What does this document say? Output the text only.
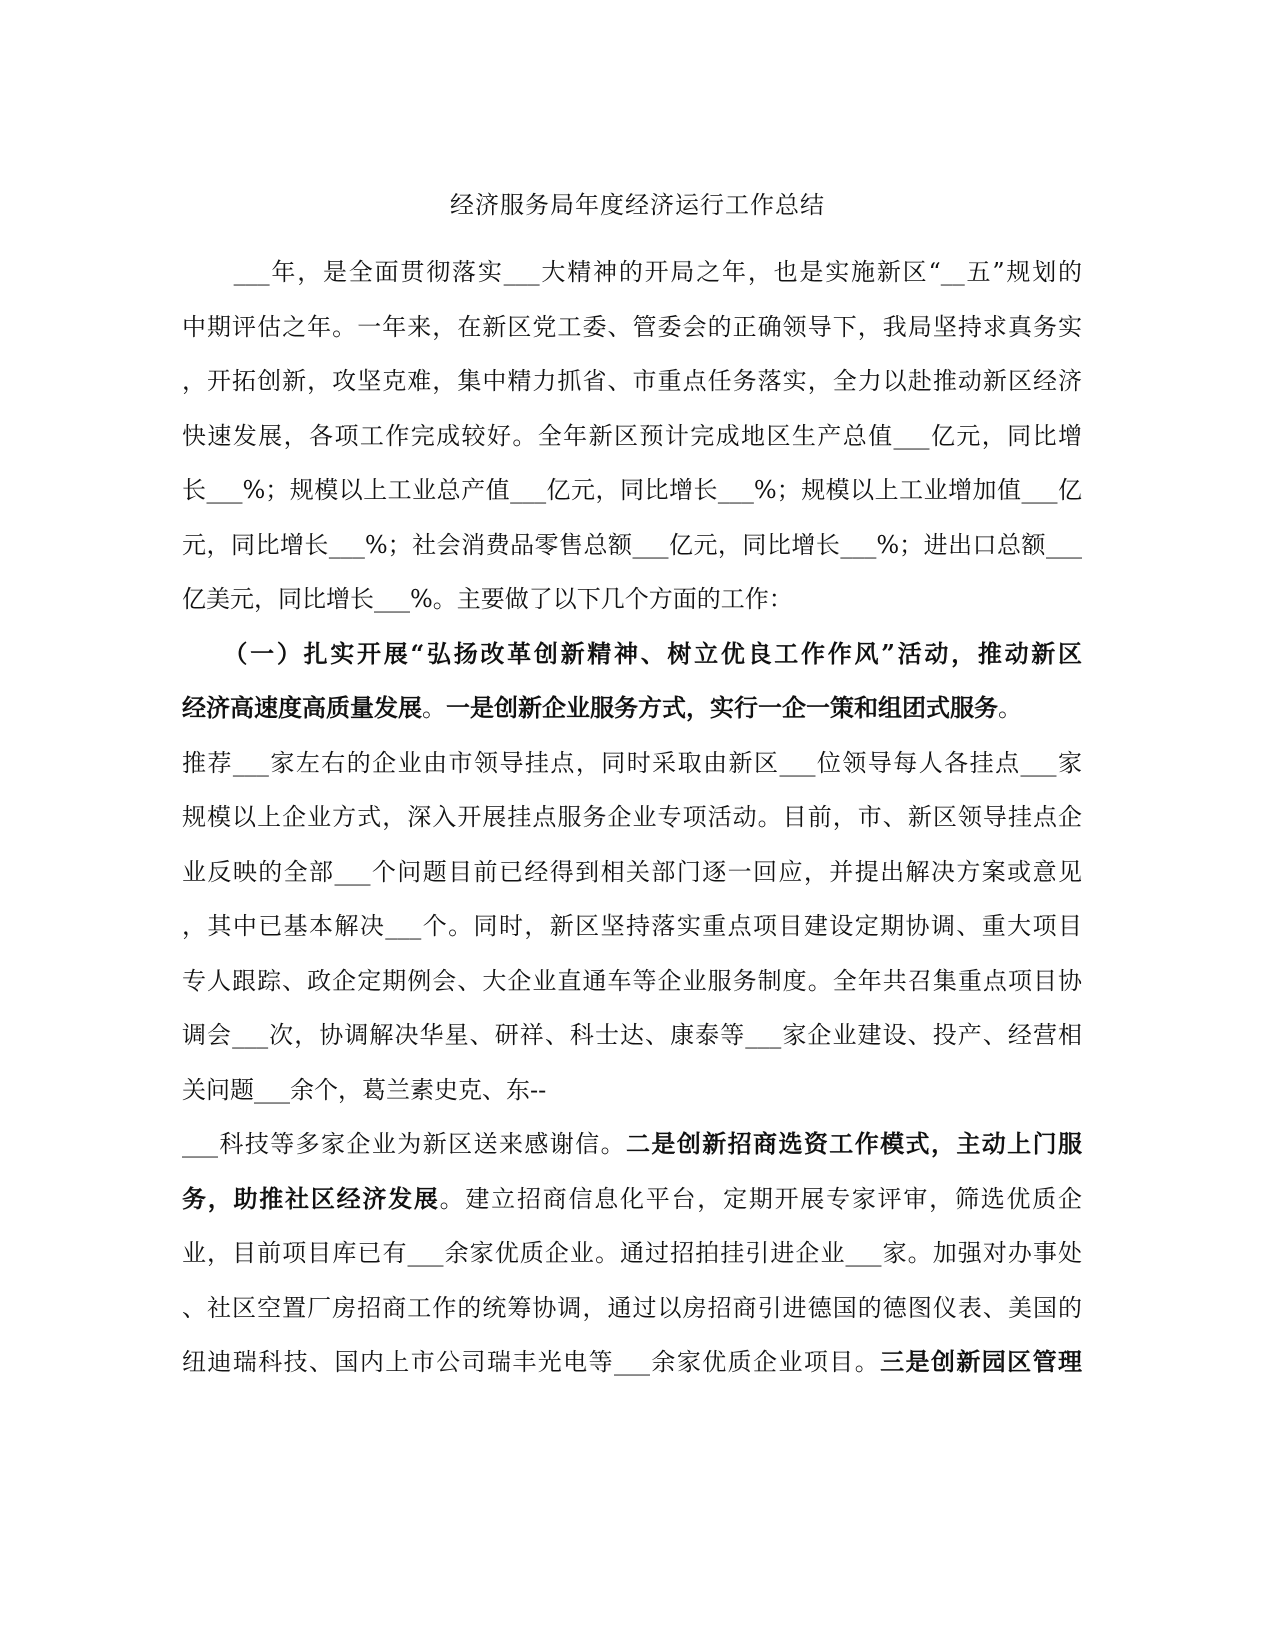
经济服务局年度经济运行工作总结
　　___年，是全面贯彻落实___大精神的开局之年，也是实施新区“__五”规划的
中期评估之年。一年来，在新区党工委、管委会的正确领导下，我局坚持求真务实
，开拓创新，攻坚克难，集中精力抓省、市重点任务落实，全力以赴推动新区经济
快速发展，各项工作完成较好。全年新区预计完成地区生产总值___亿元，同比增
长___%；规模以上工业总产值___亿元，同比增长___%；规模以上工业增加值___亿
元，同比增长___%；社会消费品零售总额___亿元，同比增长___%；进出口总额___
亿美元，同比增长___%。主要做了以下几个方面的工作：
　　（一）扎实开展“弘扬改革创新精神、树立优良工作作风”活动，推动新区
经济高速度高质量发展。一是创新企业服务方式，实行一企一策和组团式服务。
推荐___家左右的企业由市领导挂点，同时采取由新区___位领导每人各挂点___家
规模以上企业方式，深入开展挂点服务企业专项活动。目前，市、新区领导挂点企
业反映的全部___个问题目前已经得到相关部门逐一回应，并提出解决方案或意见
，其中已基本解决___个。同时，新区坚持落实重点项目建设定期协调、重大项目
专人跟踪、政企定期例会、大企业直通车等企业服务制度。全年共召集重点项目协
调会___次，协调解决华星、研祥、科士达、康泰等___家企业建设、投产、经营相
关问题___余个，葛兰素史克、东--
___科技等多家企业为新区送来感谢信。二是创新招商选资工作模式，主动上门服
务，助推社区经济发展。建立招商信息化平台，定期开展专家评审，筛选优质企
业，目前项目库已有___余家优质企业。通过招拍挂引进企业___家。加强对办事处
、社区空置厂房招商工作的统筹协调，通过以房招商引进德国的德图仪表、美国的
纽迪瑞科技、国内上市公司瑞丰光电等___余家优质企业项目。三是创新园区管理
